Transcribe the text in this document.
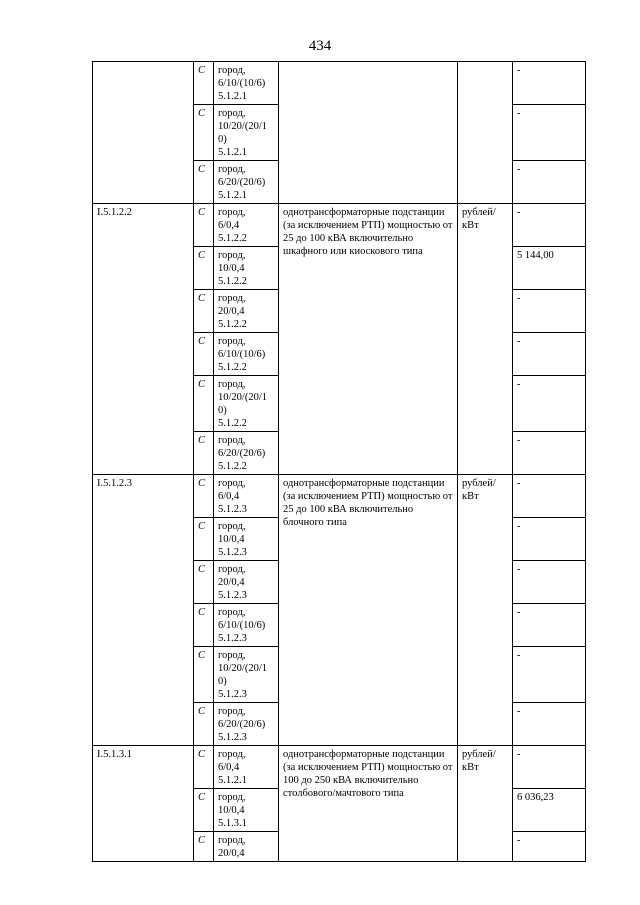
434
	С	город,
6/10/(10/6)
5.1.2.1			-
	С	город,
10/20/(20/1
0)
5.1.2.1			-
	С	город,
6/20/(20/6)
5.1.2.1			-
I.5.1.2.2	С	город,
6/0,4
5.1.2.2	однотрансформаторные подстанции (за исключением РТП) мощностью от 25 до 100 кВА включительно шкафного или киоскового типа	рублей/
кВт	-
	С	город,
10/0,4
5.1.2.2			5 144,00
	С	город,
20/0,4
5.1.2.2			-
	С	город,
6/10/(10/6)
5.1.2.2			-
	С	город,
10/20/(20/1
0)
5.1.2.2			-
	С	город,
6/20/(20/6)
5.1.2.2			-
I.5.1.2.3	С	город,
6/0,4
5.1.2.3	однотрансформаторные подстанции (за исключением РТП) мощностью от 25 до 100 кВА включительно блочного типа	рублей/
кВт	-
	С	город,
10/0,4
5.1.2.3			-
	С	город,
20/0,4
5.1.2.3			-
	С	город,
6/10/(10/6)
5.1.2.3			-
	С	город,
10/20/(20/1
0)
5.1.2.3			-
	С	город,
6/20/(20/6)
5.1.2.3			-
I.5.1.3.1	С	город,
6/0,4
5.1.2.1	однотрансформаторные подстанции (за исключением РТП) мощностью от 100 до 250 кВА включительно столбового/мачтового типа	рублей/
кВт	-
	С	город,
10/0,4
5.1.3.1			6 036,23
	С	город,
20/0,4			-
